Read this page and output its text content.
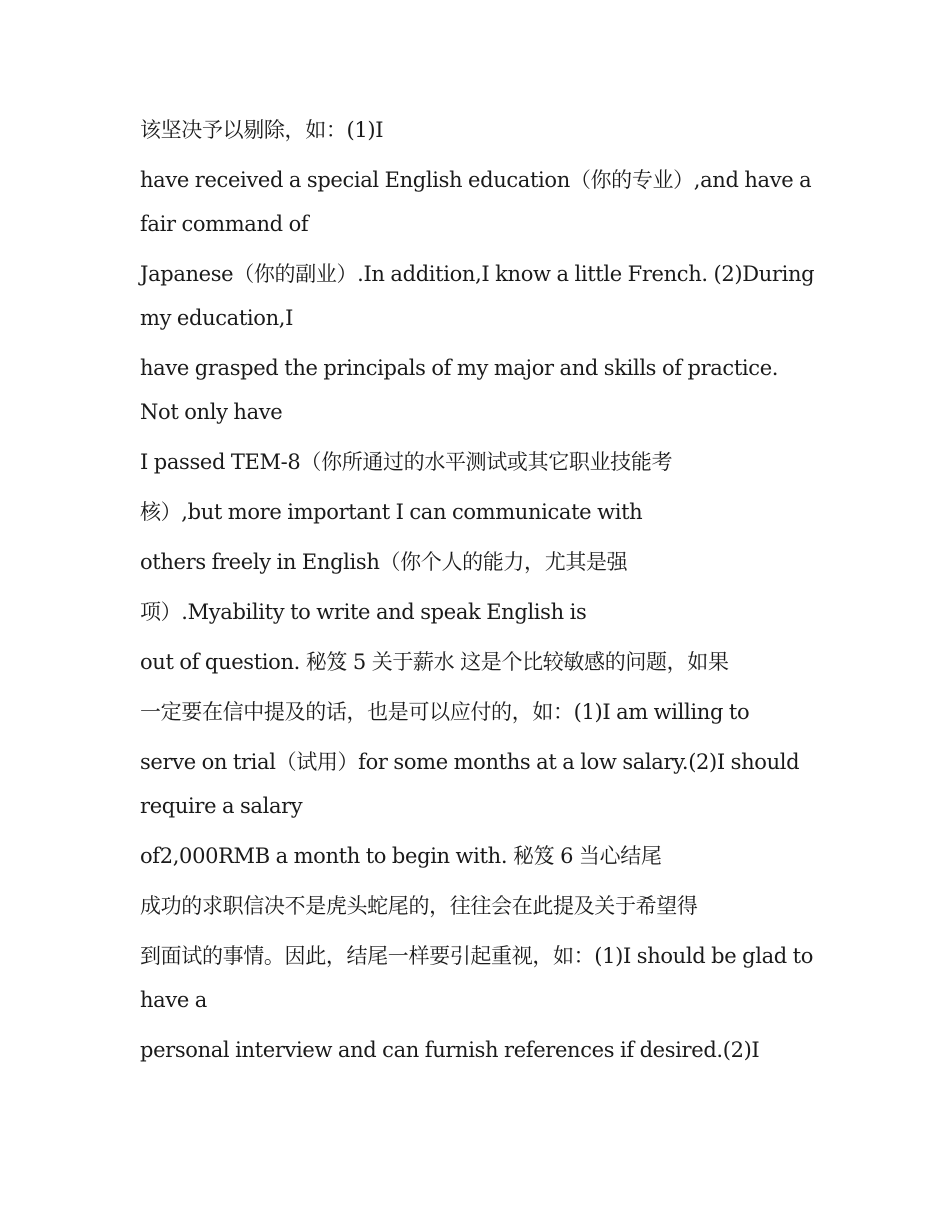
该坚决予以剔除，如：(1)I

have received a special English education（你的专业）,and have a fair command of

Japanese（你的副业）.In addition,I know a little French. (2)During my education,I

have grasped the principals of my major and skills of practice. Not only have

I passed TEM-8（你所通过的水平测试或其它职业技能考

核）,but more important I can communicate with

others freely in English（你个人的能力，尤其是强

项）.Myability to write and speak English is

out of question. 秘笈 5 关于薪水 这是个比较敏感的问题，如果

一定要在信中提及的话，也是可以应付的，如：(1)I am willing to

serve on trial（试用）for some months at a low salary.(2)I should require a salary

of2,000RMB a month to begin with. 秘笈 6 当心结尾

成功的求职信决不是虎头蛇尾的，往往会在此提及关于希望得

到面试的事情。因此，结尾一样要引起重视，如：(1)I should be glad to have a

personal interview and can furnish references if desired.(2)I
